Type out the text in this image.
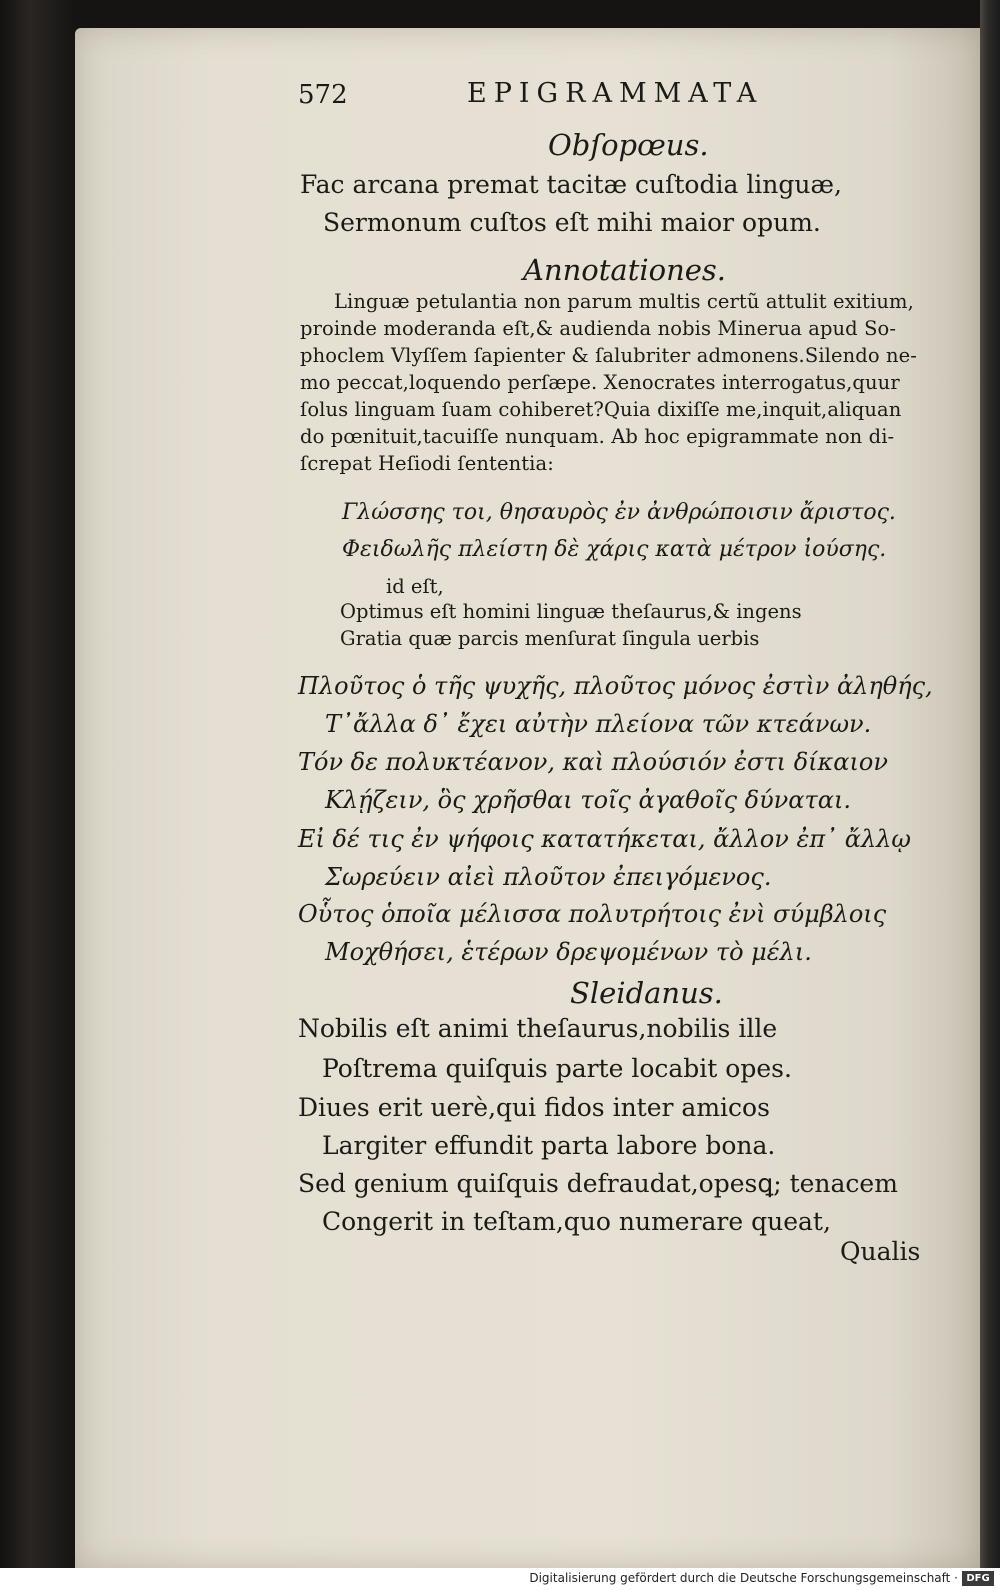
572	EPIGRAMMATA
Obſopœus.
Fac arcana premat tacitæ cuſtodia linguæ,
Sermonum cuſtos eſt mihi maior opum.
Annotationes.
Linguæ petulantia non parum multis certũ attulit exitium,
proinde moderanda eſt,& audienda nobis Minerua apud So-
phoclem Vlyſſem ſapienter & ſalubriter admonens.Silendo ne-
mo peccat,loquendo perſæpe. Xenocrates interrogatus,quur
ſolus linguam ſuam cohiberet?Quia dixiſſe me,inquit,aliquan
do pœnituit,tacuiſſe nunquam. Ab hoc epigrammate non di-
ſcrepat Heſiodi ſententia:
Γλώσσης τοι, θησαυρὸς ἐν ἀνθρώποισιν ἄριστος.
Φειδωλῆς πλείστη δὲ χάρις κατὰ μέτρον ἰούσης.
id eſt,
Optimus eſt homini linguæ theſaurus,& ingens
Gratia quæ parcis menſurat ſingula uerbis
Πλοῦτος ὁ τῆς ψυχῆς, πλοῦτος μόνος ἐστὶν ἀληθής,
Τ᾽ἄλλα δ᾽ ἔχει αὐτὴν πλείονα τῶν κτεάνων.
Τόν δε πολυκτέανον, καὶ πλούσιόν ἐστι δίκαιον
Κλῄζειν, ὃς χρῆσθαι τοῖς ἀγαθοῖς δύναται.
Εἰ δέ τις ἐν ψήφοις κατατήκεται, ἄλλον ἐπ᾽ ἄλλῳ
Σωρεύειν αἰεὶ πλοῦτον ἐπειγόμενος.
Οὗτος ὁποῖα μέλισσα πολυτρήτοις ἐνὶ σύμβλοις
Μοχθήσει, ἑτέρων δρεψομένων τὸ μέλι.
Sleidanus.
Nobilis eſt animi theſaurus,nobilis ille
Poſtrema quiſquis parte locabit opes.
Diues erit uerè,qui fidos inter amicos
Largiter effundit parta labore bona.
Sed genium quiſquis defraudat,opesꝗ; tenacem
Congerit in teſtam,quo numerare queat,
Qualis
Digitalisierung gefördert durch die Deutsche Forschungsgemeinschaft · DFG
